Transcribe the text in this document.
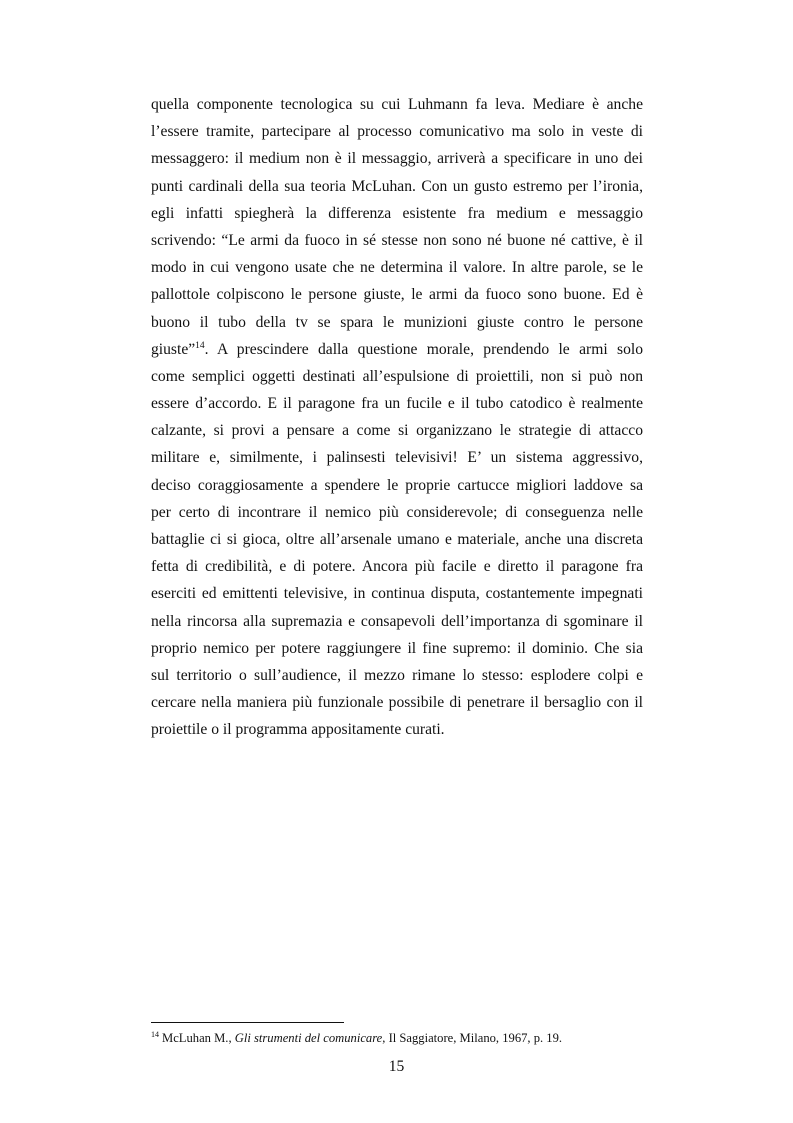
quella componente tecnologica su cui Luhmann fa leva. Mediare è anche
l’essere tramite, partecipare al processo comunicativo ma solo in veste di
messaggero: il medium non è il messaggio, arriverà a specificare in uno dei
punti cardinali della sua teoria McLuhan. Con un gusto estremo per l’ironia,
egli infatti spiegherà la differenza esistente fra medium e messaggio
scrivendo: “Le armi da fuoco in sé stesse non sono né buone né cattive, è il
modo in cui vengono usate che ne determina il valore. In altre parole, se le
pallottole colpiscono le persone giuste, le armi da fuoco sono buone. Ed è
buono il tubo della tv se spara le munizioni giuste contro le persone
giuste”$^{14}$. A prescindere dalla questione morale, prendendo le armi solo
come semplici oggetti destinati all’espulsione di proiettili, non si può non
essere d’accordo. E il paragone fra un fucile e il tubo catodico è realmente
calzante, si provi a pensare a come si organizzano le strategie di attacco
militare e, similmente, i palinsesti televisivi! E’ un sistema aggressivo,
deciso coraggiosamente a spendere le proprie cartucce migliori laddove sa
per certo di incontrare il nemico più considerevole; di conseguenza nelle
battaglie ci si gioca, oltre all’arsenale umano e materiale, anche una discreta
fetta di credibilità, e di potere. Ancora più facile e diretto il paragone fra
eserciti ed emittenti televisive, in continua disputa, costantemente impegnati
nella rincorsa alla supremazia e consapevoli dell’importanza di sgominare il
proprio nemico per potere raggiungere il fine supremo: il dominio. Che sia
sul territorio o sull’audience, il mezzo rimane lo stesso: esplodere colpi e
cercare nella maniera più funzionale possibile di penetrare il bersaglio con il
proiettile o il programma appositamente curati.
$^{14}$ McLuhan M., Gli strumenti del comunicare, Il Saggiatore, Milano, 1967, p. 19.
15
